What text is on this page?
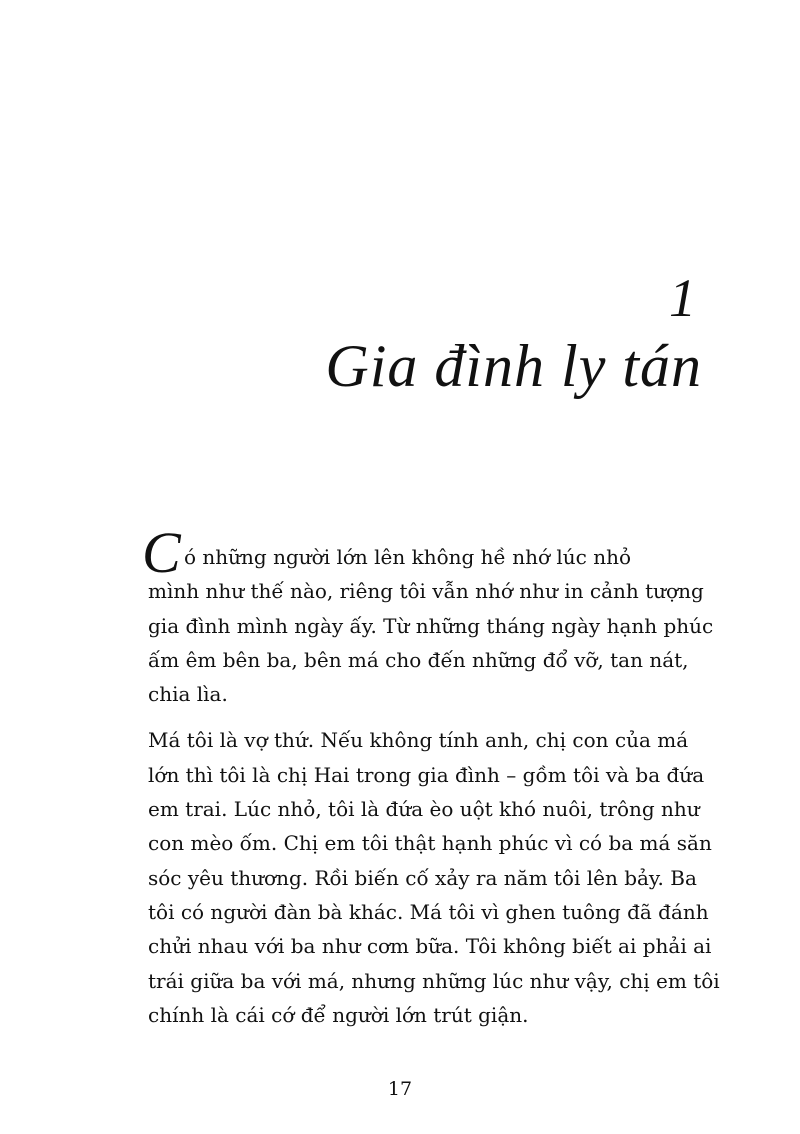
1
Gia đình ly tán
C ó những người lớn lên không hề nhớ lúc nhỏ
mình như thế nào, riêng tôi vẫn nhớ như in cảnh tượng
gia đình mình ngày ấy. Từ những tháng ngày hạnh phúc
ấm êm bên ba, bên má cho đến những đổ vỡ, tan nát,
chia lìa.
Má tôi là vợ thứ. Nếu không tính anh, chị con của má
lớn thì tôi là chị Hai trong gia đình – gồm tôi và ba đứa
em trai. Lúc nhỏ, tôi là đứa èo uột khó nuôi, trông như
con mèo ốm. Chị em tôi thật hạnh phúc vì có ba má săn
sóc yêu thương. Rồi biến cố xảy ra năm tôi lên bảy. Ba
tôi có người đàn bà khác. Má tôi vì ghen tuông đã đánh
chửi nhau với ba như cơm bữa. Tôi không biết ai phải ai
trái giữa ba với má, nhưng những lúc như vậy, chị em tôi
chính là cái cớ để người lớn trút giận.
17
